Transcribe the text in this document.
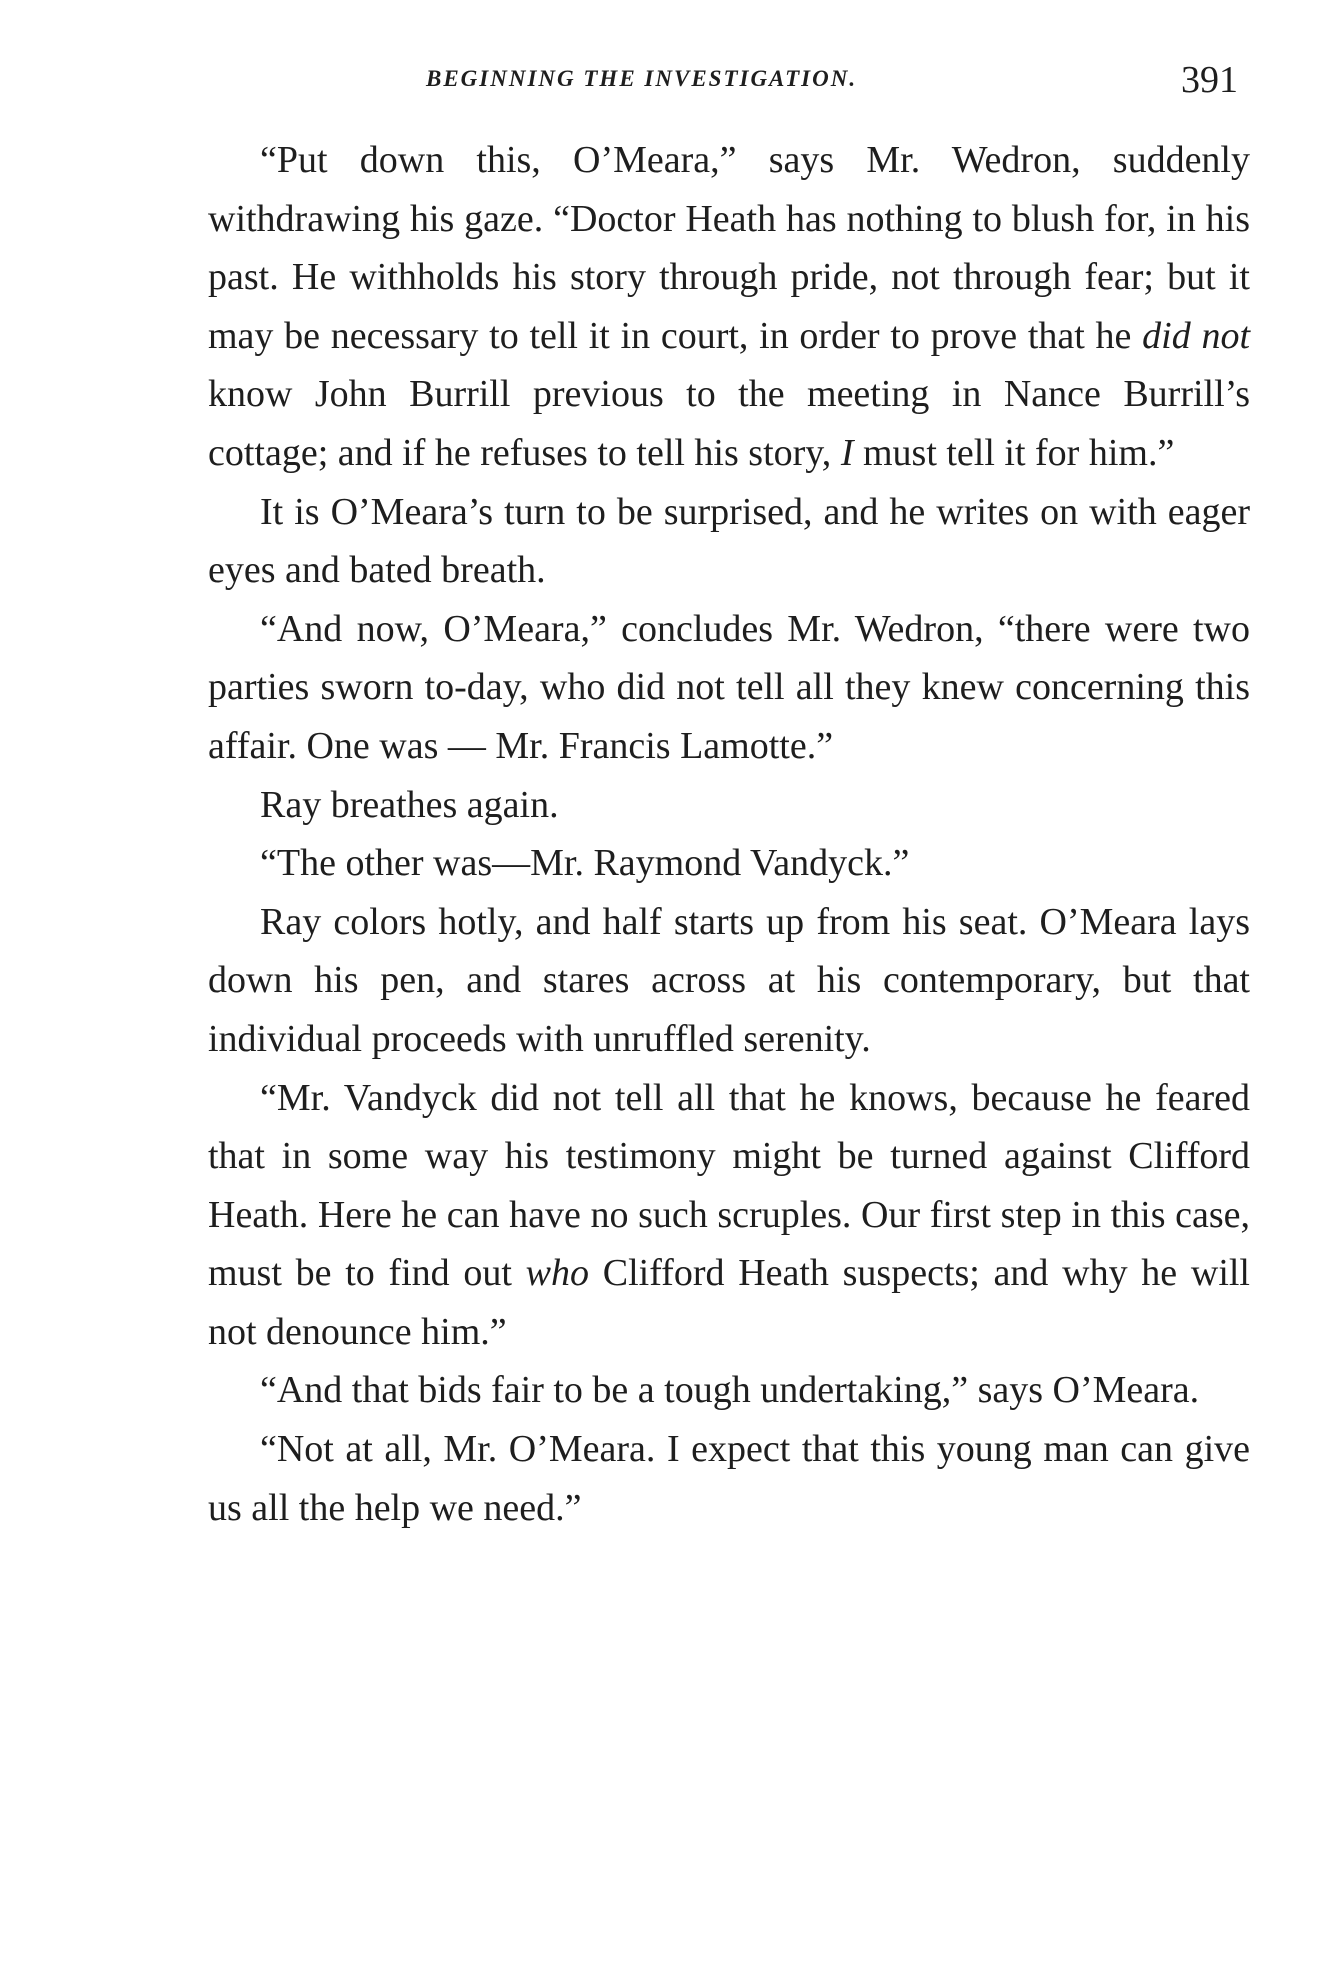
BEGINNING THE INVESTIGATION.	391

“Put down this, O’Meara,” says Mr. Wedron, suddenly withdrawing his gaze. “Doctor Heath has nothing to blush for, in his past. He withholds his story through pride, not through fear; but it may be necessary to tell it in court, in order to prove that he did not know John Burrill previous to the meeting in Nance Burrill’s cottage; and if he refuses to tell his story, I must tell it for him.”

It is O’Meara’s turn to be surprised, and he writes on with eager eyes and bated breath.

“And now, O’Meara,” concludes Mr. Wedron, “there were two parties sworn to-day, who did not tell all they knew concerning this affair. One was — Mr. Francis Lamotte.”

Ray breathes again.

“The other was—Mr. Raymond Vandyck.”

Ray colors hotly, and half starts up from his seat. O’Meara lays down his pen, and stares across at his contemporary, but that individual proceeds with unruffled serenity.

“Mr. Vandyck did not tell all that he knows, because he feared that in some way his testimony might be turned against Clifford Heath. Here he can have no such scruples. Our first step in this case, must be to find out who Clifford Heath suspects; and why he will not denounce him.”

“And that bids fair to be a tough undertaking,” says O’Meara.

“Not at all, Mr. O’Meara. I expect that this young man can give us all the help we need.”
